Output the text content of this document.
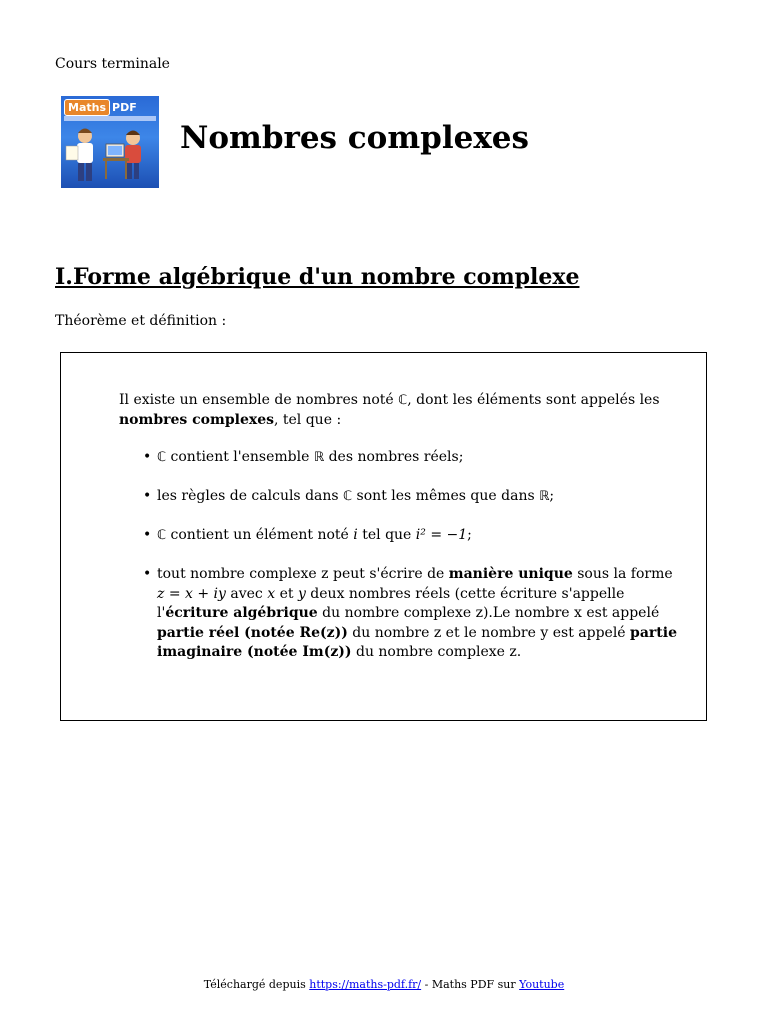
Cours terminale
Maths PDF
Nombres complexes
I.Forme algébrique d'un nombre complexe
Théorème et définition :
Il existe un ensemble de nombres noté ℂ, dont les éléments sont appelés les nombres complexes, tel que :
• ℂ contient l'ensemble ℝ des nombres réels;
• les règles de calculs dans ℂ sont les mêmes que dans ℝ;
• ℂ contient un élément noté i tel que i² = −1;
• tout nombre complexe z peut s'écrire de manière unique sous la forme z = x + iy avec x et y deux nombres réels (cette écriture s'appelle l'écriture algébrique du nombre complexe z).Le nombre x est appelé partie réel (notée Re(z)) du nombre z et le nombre y est appelé partie imaginaire (notée Im(z)) du nombre complexe z.
Téléchargé depuis https://maths-pdf.fr/ - Maths PDF sur Youtube
